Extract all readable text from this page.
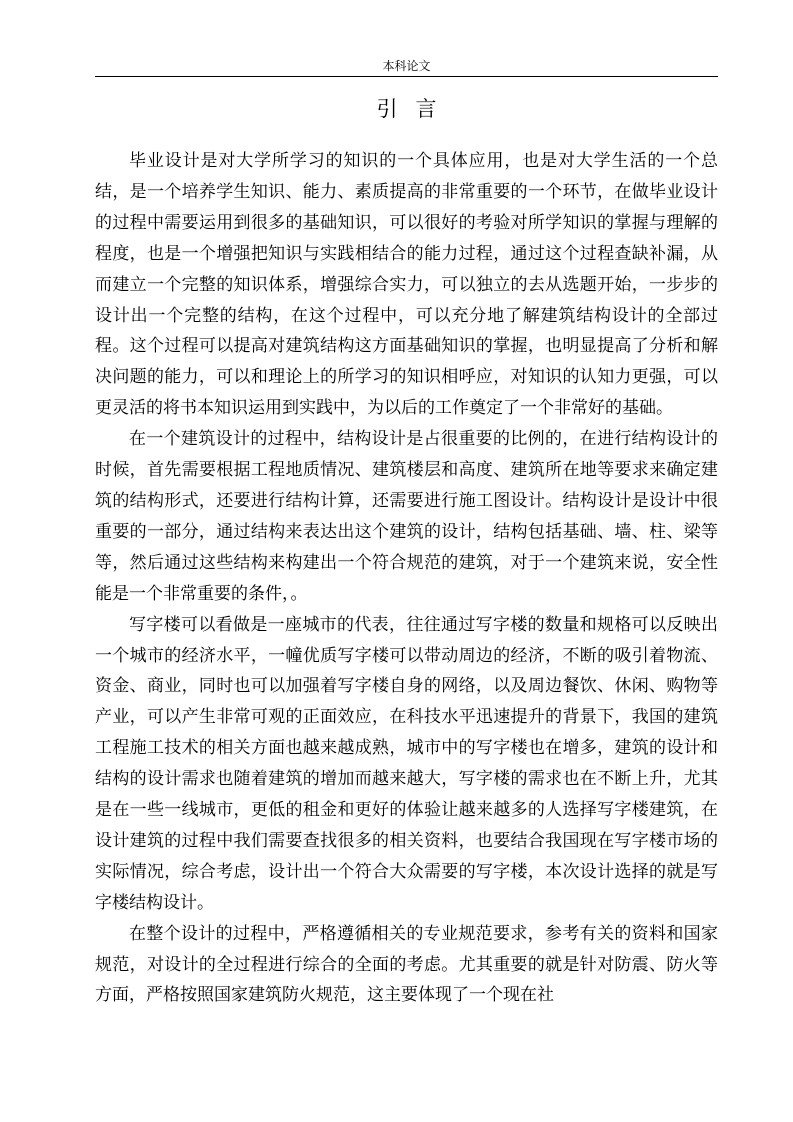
本科论文
引言

毕业设计是对大学所学习的知识的一个具体应用，也是对大学生活的一个总结，是一个培养学生知识、能力、素质提高的非常重要的一个环节，在做毕业设计的过程中需要运用到很多的基础知识，可以很好的考验对所学知识的掌握与理解的程度，也是一个增强把知识与实践相结合的能力过程，通过这个过程查缺补漏，从而建立一个完整的知识体系，增强综合实力，可以独立的去从选题开始，一步步的设计出一个完整的结构，在这个过程中，可以充分地了解建筑结构设计的全部过程。这个过程可以提高对建筑结构这方面基础知识的掌握，也明显提高了分析和解决问题的能力，可以和理论上的所学习的知识相呼应，对知识的认知力更强，可以更灵活的将书本知识运用到实践中，为以后的工作奠定了一个非常好的基础。

在一个建筑设计的过程中，结构设计是占很重要的比例的，在进行结构设计的时候，首先需要根据工程地质情况、建筑楼层和高度、建筑所在地等要求来确定建筑的结构形式，还要进行结构计算，还需要进行施工图设计。结构设计是设计中很重要的一部分，通过结构来表达出这个建筑的设计，结构包括基础、墙、柱、梁等等，然后通过这些结构来构建出一个符合规范的建筑，对于一个建筑来说，安全性能是一个非常重要的条件，。

写字楼可以看做是一座城市的代表，往往通过写字楼的数量和规格可以反映出一个城市的经济水平，一幢优质写字楼可以带动周边的经济，不断的吸引着物流、资金、商业，同时也可以加强着写字楼自身的网络，以及周边餐饮、休闲、购物等产业，可以产生非常可观的正面效应，在科技水平迅速提升的背景下，我国的建筑工程施工技术的相关方面也越来越成熟，城市中的写字楼也在增多，建筑的设计和结构的设计需求也随着建筑的增加而越来越大，写字楼的需求也在不断上升，尤其是在一些一线城市，更低的租金和更好的体验让越来越多的人选择写字楼建筑，在设计建筑的过程中我们需要查找很多的相关资料，也要结合我国现在写字楼市场的实际情况，综合考虑，设计出一个符合大众需要的写字楼，本次设计选择的就是写字楼结构设计。

在整个设计的过程中，严格遵循相关的专业规范要求，参考有关的资料和国家规范，对设计的全过程进行综合的全面的考虑。尤其重要的就是针对防震、防火等方面，严格按照国家建筑防火规范，这主要体现了一个现在社
